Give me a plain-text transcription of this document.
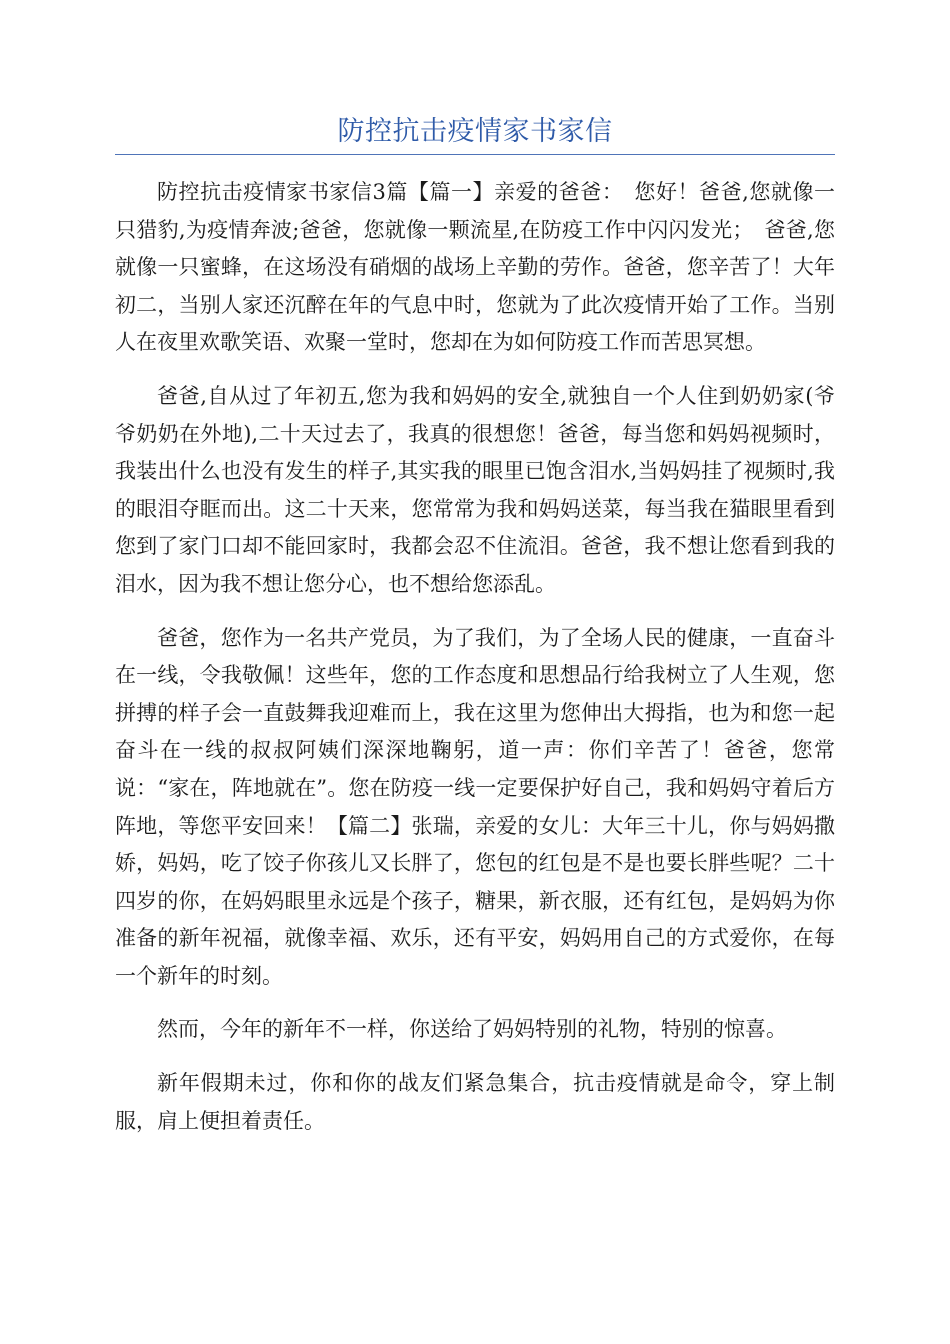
防控抗击疫情家书家信

防控抗击疫情家书家信3篇【篇一】亲爱的爸爸：　您好！爸爸,您就像一只猎豹,为疫情奔波;爸爸，您就像一颗流星,在防疫工作中闪闪发光；　爸爸,您就像一只蜜蜂，在这场没有硝烟的战场上辛勤的劳作。爸爸，您辛苦了！大年初二，当别人家还沉醉在年的气息中时，您就为了此次疫情开始了工作。当别人在夜里欢歌笑语、欢聚一堂时，您却在为如何防疫工作而苦思冥想。

爸爸,自从过了年初五,您为我和妈妈的安全,就独自一个人住到奶奶家(爷爷奶奶在外地),二十天过去了，我真的很想您！爸爸，每当您和妈妈视频时，我装出什么也没有发生的样子,其实我的眼里已饱含泪水,当妈妈挂了视频时,我的眼泪夺眶而出。这二十天来，您常常为我和妈妈送菜，每当我在猫眼里看到您到了家门口却不能回家时，我都会忍不住流泪。爸爸，我不想让您看到我的泪水，因为我不想让您分心，也不想给您添乱。

爸爸，您作为一名共产党员，为了我们，为了全场人民的健康，一直奋斗在一线，令我敬佩！这些年，您的工作态度和思想品行给我树立了人生观，您拼搏的样子会一直鼓舞我迎难而上，我在这里为您伸出大拇指，也为和您一起奋斗在一线的叔叔阿姨们深深地鞠躬，道一声：你们辛苦了！爸爸，您常说：“家在，阵地就在”。您在防疫一线一定要保护好自己，我和妈妈守着后方阵地，等您平安回来！【篇二】张瑞，亲爱的女儿：大年三十儿，你与妈妈撒娇，妈妈，吃了饺子你孩儿又长胖了，您包的红包是不是也要长胖些呢？二十四岁的你，在妈妈眼里永远是个孩子，糖果，新衣服，还有红包，是妈妈为你准备的新年祝福，就像幸福、欢乐，还有平安，妈妈用自己的方式爱你，在每一个新年的时刻。

然而，今年的新年不一样，你送给了妈妈特别的礼物，特别的惊喜。

新年假期未过，你和你的战友们紧急集合，抗击疫情就是命令，穿上制服，肩上便担着责任。
